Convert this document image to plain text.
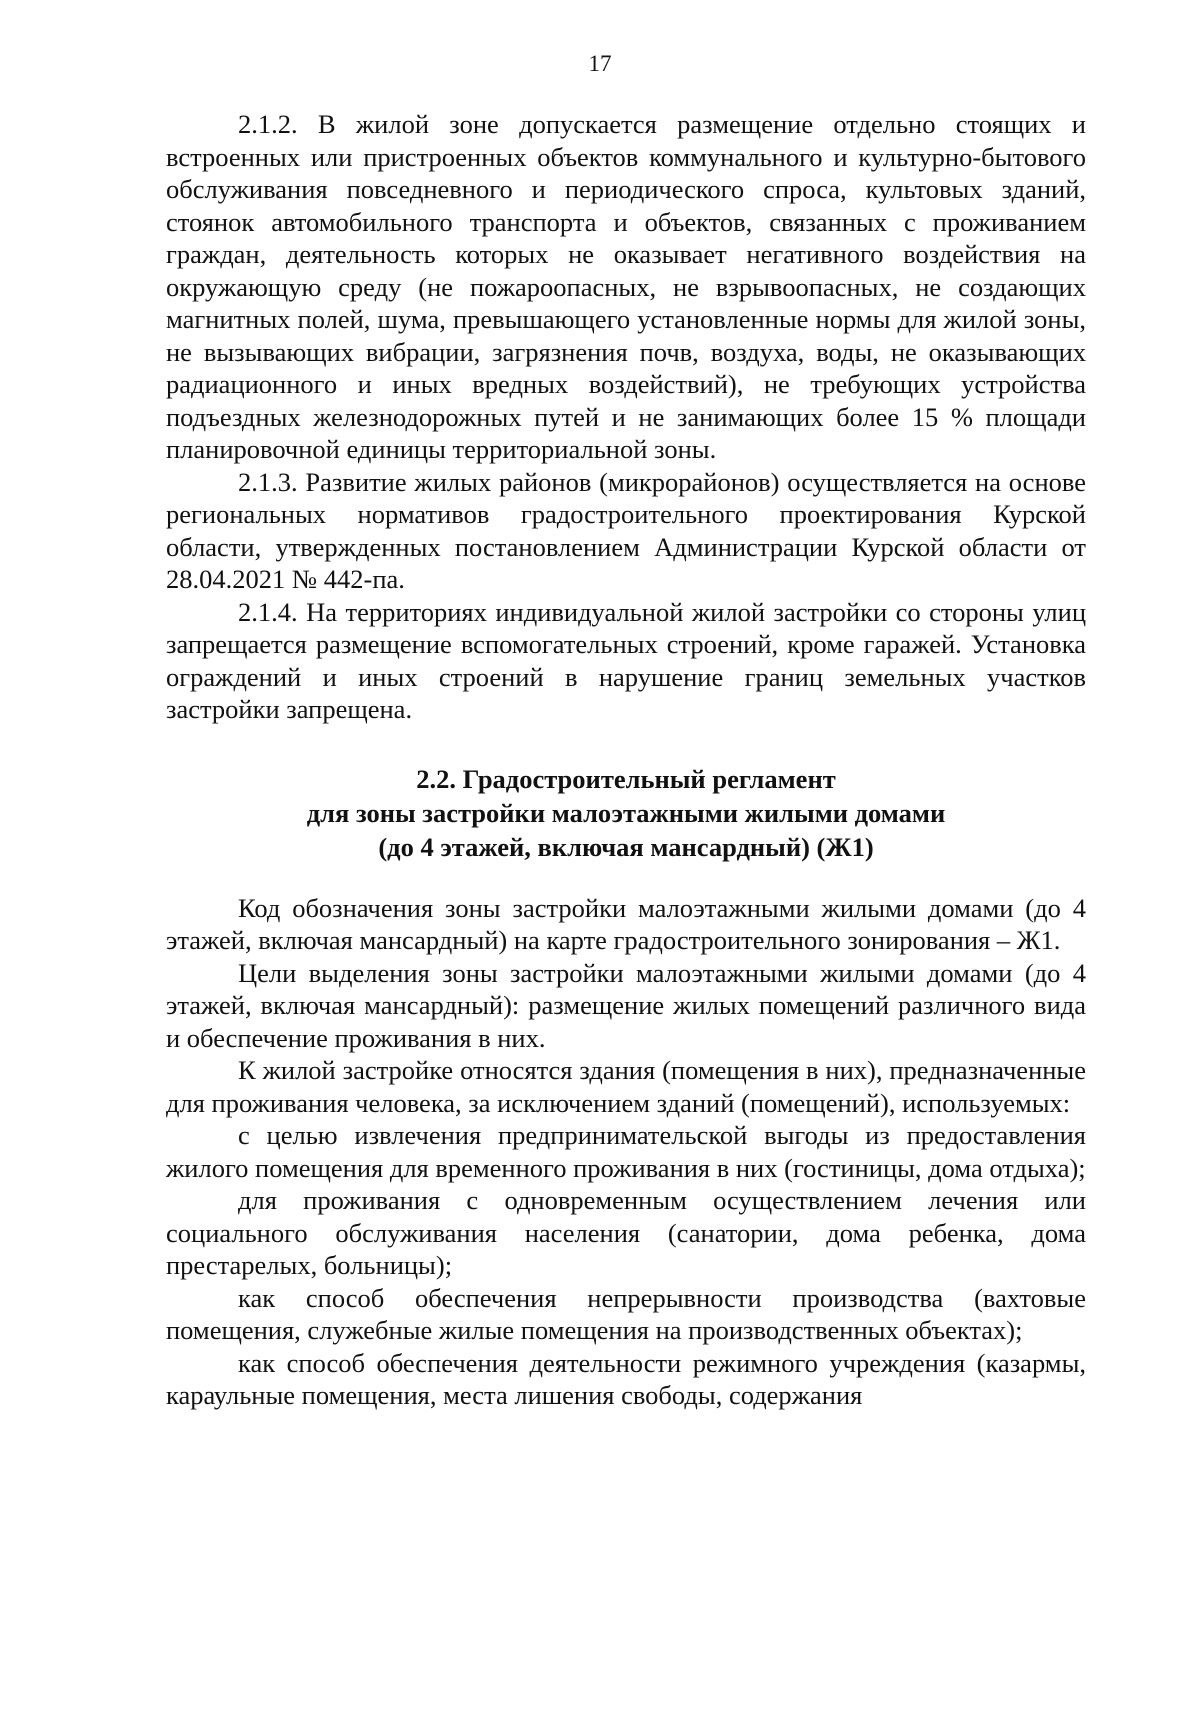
17

2.1.2. В жилой зоне допускается размещение отдельно стоящих и встроенных или пристроенных объектов коммунального и культурно-бытового обслуживания повседневного и периодического спроса, культовых зданий, стоянок автомобильного транспорта и объектов, связанных с проживанием граждан, деятельность которых не оказывает негативного воздействия на окружающую среду (не пожароопасных, не взрывоопасных, не создающих магнитных полей, шума, превышающего установленные нормы для жилой зоны, не вызывающих вибрации, загрязнения почв, воздуха, воды, не оказывающих радиационного и иных вредных воздействий), не требующих устройства подъездных железнодорожных путей и не занимающих более 15 % площади планировочной единицы территориальной зоны.

2.1.3. Развитие жилых районов (микрорайонов) осуществляется на основе региональных нормативов градостроительного проектирования Курской области, утвержденных постановлением Администрации Курской области от 28.04.2021 № 442-па.

2.1.4. На территориях индивидуальной жилой застройки со стороны улиц запрещается размещение вспомогательных строений, кроме гаражей. Установка ограждений и иных строений в нарушение границ земельных участков застройки запрещена.

2.2. Градостроительный регламент
для зоны застройки малоэтажными жилыми домами
(до 4 этажей, включая мансардный) (Ж1)

Код обозначения зоны застройки малоэтажными жилыми домами (до 4 этажей, включая мансардный) на карте градостроительного зонирования – Ж1.

Цели выделения зоны застройки малоэтажными жилыми домами (до 4 этажей, включая мансардный): размещение жилых помещений различного вида и обеспечение проживания в них.

К жилой застройке относятся здания (помещения в них), предназначенные для проживания человека, за исключением зданий (помещений), используемых:

с целью извлечения предпринимательской выгоды из предоставления жилого помещения для временного проживания в них (гостиницы, дома отдыха);

для проживания с одновременным осуществлением лечения или социального обслуживания населения (санатории, дома ребенка, дома престарелых, больницы);

как способ обеспечения непрерывности производства (вахтовые помещения, служебные жилые помещения на производственных объектах);

как способ обеспечения деятельности режимного учреждения (казармы, караульные помещения, места лишения свободы, содержания
